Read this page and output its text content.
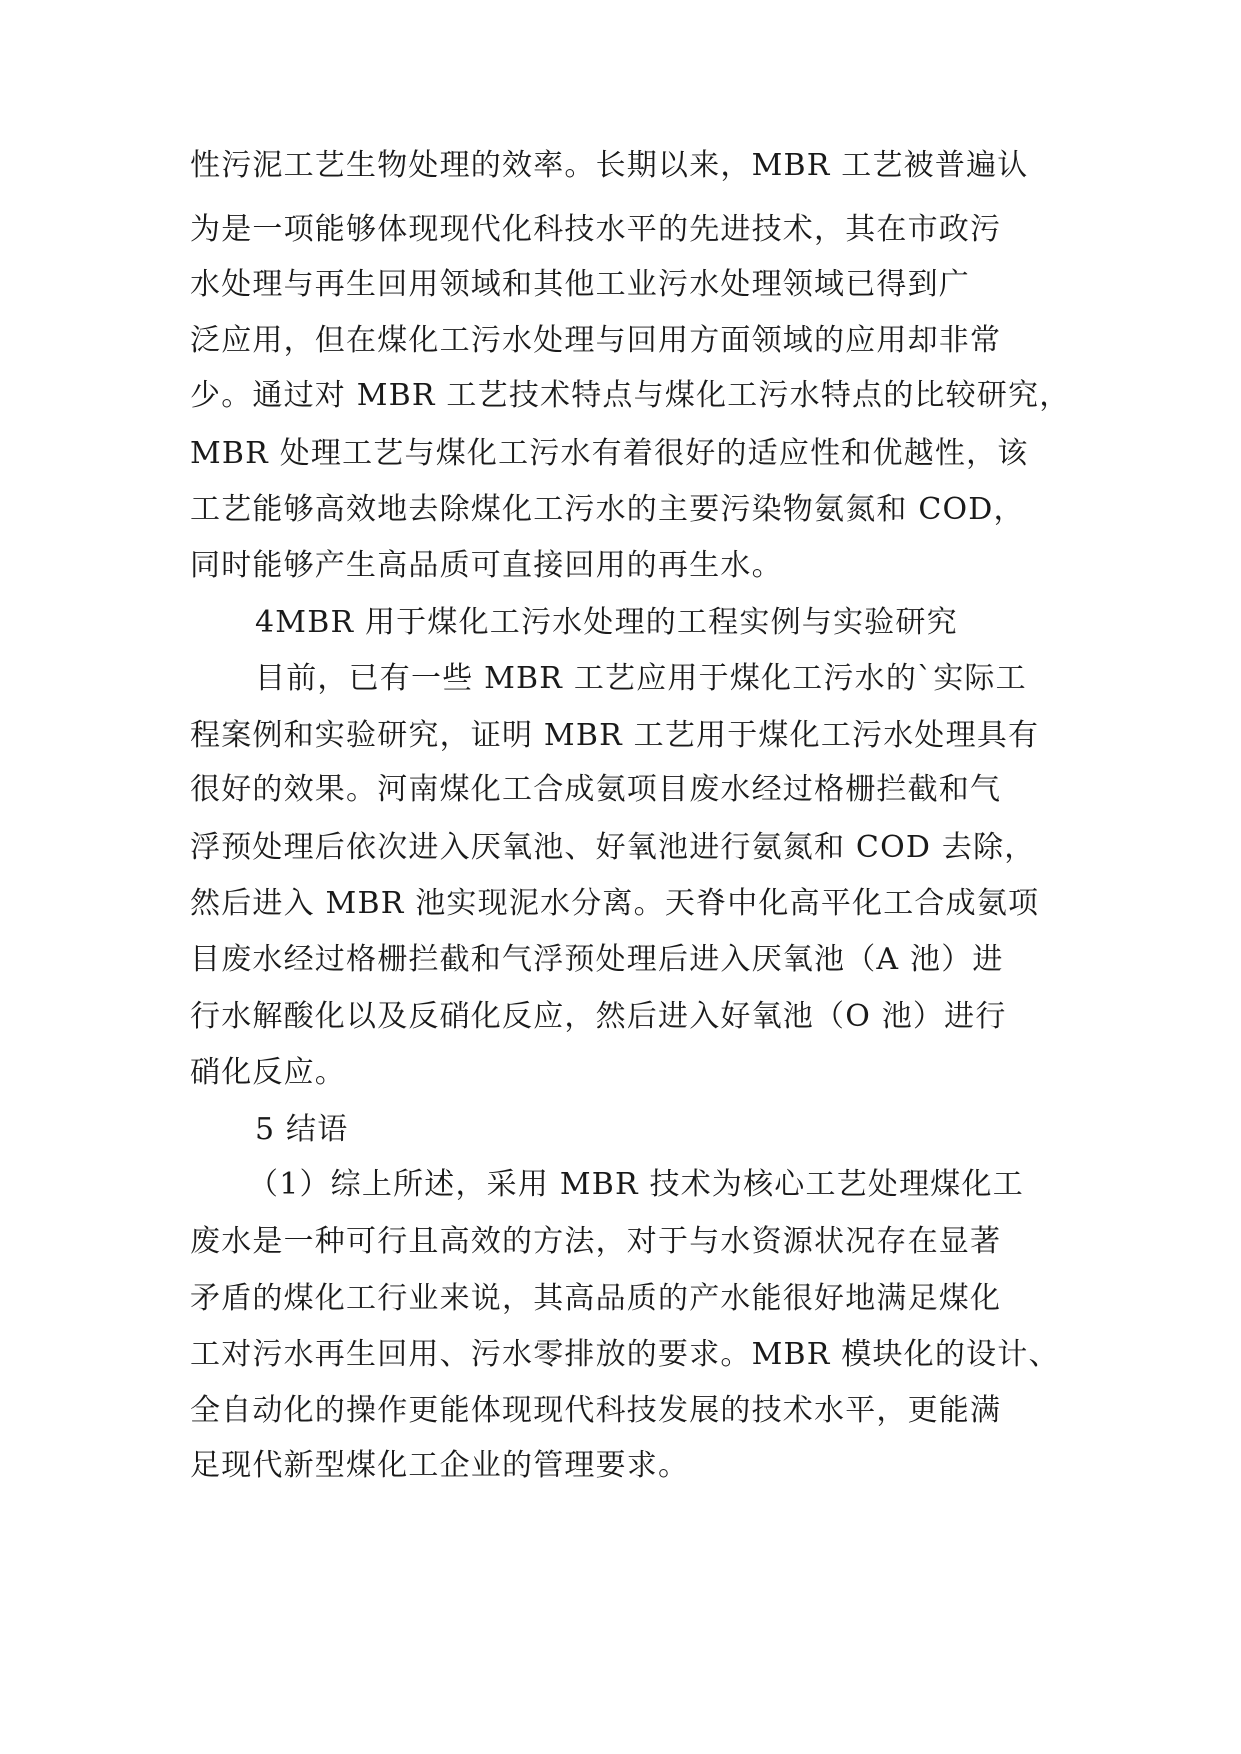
性污泥工艺生物处理的效率。长期以来，MBR 工艺被普遍认
为是一项能够体现现代化科技水平的先进技术，其在市政污
水处理与再生回用领域和其他工业污水处理领域已得到广
泛应用，但在煤化工污水处理与回用方面领域的应用却非常
少。通过对 MBR 工艺技术特点与煤化工污水特点的比较研究，
MBR 处理工艺与煤化工污水有着很好的适应性和优越性，该
工艺能够高效地去除煤化工污水的主要污染物氨氮和 COD，
同时能够产生高品质可直接回用的再生水。
4MBR 用于煤化工污水处理的工程实例与实验研究
目前，已有一些 MBR 工艺应用于煤化工污水的`实际工
程案例和实验研究，证明 MBR 工艺用于煤化工污水处理具有
很好的效果。河南煤化工合成氨项目废水经过格栅拦截和气
浮预处理后依次进入厌氧池、好氧池进行氨氮和 COD 去除，
然后进入 MBR 池实现泥水分离。天脊中化高平化工合成氨项
目废水经过格栅拦截和气浮预处理后进入厌氧池（A 池）进
行水解酸化以及反硝化反应，然后进入好氧池（O 池）进行
硝化反应。
5 结语
（1）综上所述，采用 MBR 技术为核心工艺处理煤化工
废水是一种可行且高效的方法，对于与水资源状况存在显著
矛盾的煤化工行业来说，其高品质的产水能很好地满足煤化
工对污水再生回用、污水零排放的要求。MBR 模块化的设计、
全自动化的操作更能体现现代科技发展的技术水平，更能满
足现代新型煤化工企业的管理要求。
